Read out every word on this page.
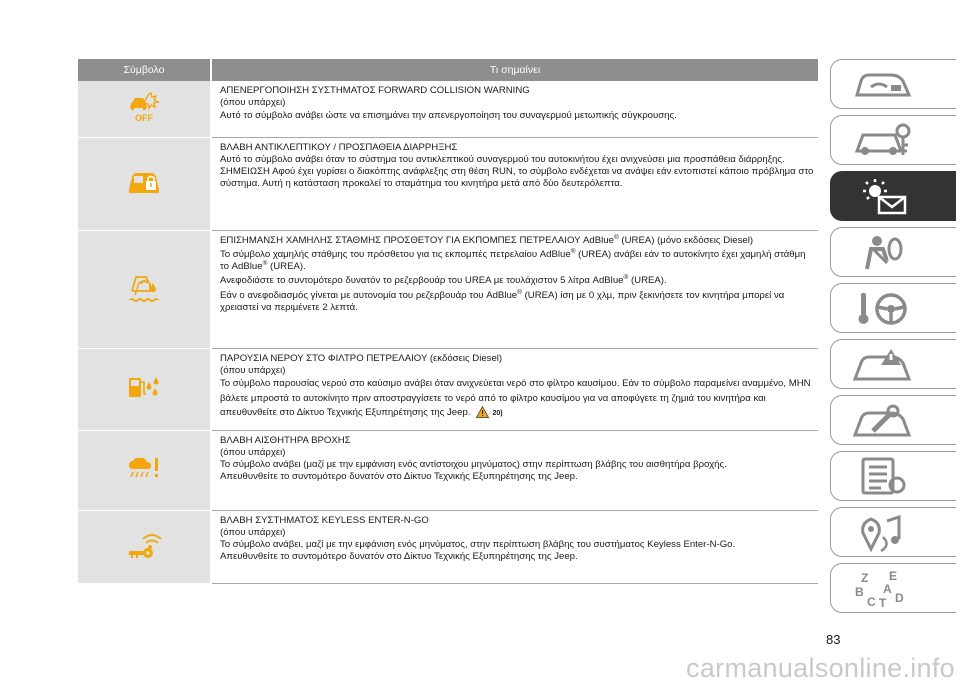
Σύμβολο	Τι σημαίνει

OFF	ΑΠΕΝΕΡΓΟΠΟΙΗΣΗ ΣΥΣΤΗΜΑΤΟΣ FORWARD COLLISION WARNING
(όπου υπάρχει)
Αυτό το σύμβολο ανάβει ώστε να επισημάνει την απενεργοποίηση του συναγερμού μετωπικής σύγκρουσης.

ΒΛΑΒΗ ΑΝΤΙΚΛΕΠΤΙΚΟΥ / ΠΡΟΣΠΑΘΕΙΑ ΔΙΑΡΡΗΞΗΣ
Αυτό το σύμβολο ανάβει όταν το σύστημα του αντικλεπτικού συναγερμού του αυτοκινήτου έχει ανιχνεύσει μια προσπάθεια διάρρηξης.
ΣΗΜΕΙΩΣΗ Αφού έχει γυρίσει ο διακόπτης ανάφλεξης στη θέση RUN, το σύμβολο ενδέχεται να ανάψει εάν εντοπιστεί κάποιο πρόβλημα στο σύστημα. Αυτή η κατάσταση προκαλεί το σταμάτημα του κινητήρα μετά από δύο δευτερόλεπτα.

ΕΠΙΣΗΜΑΝΣΗ ΧΑΜΗΛΗΣ ΣΤΑΘΜΗΣ ΠΡΟΣΘΕΤΟΥ ΓΙΑ ΕΚΠΟΜΠΕΣ ΠΕΤΡΕΛΑΙΟΥ AdBlue® (UREA) (μόνο εκδόσεις Diesel)
Το σύμβολο χαμηλής στάθμης του πρόσθετου για τις εκπομπές πετρελαίου AdBlue® (UREA) ανάβει εάν το αυτοκίνητο έχει χαμηλή στάθμη το AdBlue® (UREA).
Ανεφοδιάστε το συντομότερο δυνατόν το ρεζερβουάρ του UREA με τουλάχιστον 5 λίτρα AdBlue® (UREA).
Εάν ο ανεφοδιασμός γίνεται με αυτονομία του ρεζερβουάρ του AdBlue® (UREA) ίση με 0 χλμ, πριν ξεκινήσετε τον κινητήρα μπορεί να χρειαστεί να περιμένετε 2 λεπτά.

ΠΑΡΟΥΣΙΑ ΝΕΡΟΥ ΣΤΟ ΦΙΛΤΡΟ ΠΕΤΡΕΛΑΙΟΥ (εκδόσεις Diesel)
(όπου υπάρχει)
Το σύμβολο παρουσίας νερού στο καύσιμο ανάβει όταν ανιχνεύεται νερό στο φίλτρο καυσίμου. Εάν το σύμβολο παραμείνει αναμμένο, ΜΗΝ βάλετε μπροστά το αυτοκίνητο πριν αποστραγγίσετε το νερό από το φίλτρο καυσίμου για να αποφύγετε τη ζημιά του κινητήρα και απευθυνθείτε στο Δίκτυο Τεχνικής Εξυπηρέτησης της Jeep. 20)

ΒΛΑΒΗ ΑΙΣΘΗΤΗΡΑ ΒΡΟΧΗΣ
(όπου υπάρχει)
Το σύμβολο ανάβει (μαζί με την εμφάνιση ενός αντίστοιχου μηνύματος) στην περίπτωση βλάβης του αισθητήρα βροχής.
Απευθυνθείτε το συντομότερο δυνατόν στο Δίκτυο Τεχνικής Εξυπηρέτησης της Jeep.

ΒΛΑΒΗ ΣΥΣΤΗΜΑΤΟΣ KEYLESS ENTER-N-GO
(όπου υπάρχει)
Το σύμβολο ανάβει, μαζί με την εμφάνιση ενός μηνύματος, στην περίπτωση βλάβης του συστήματος Keyless Enter-N-Go.
Απευθυνθείτε το συντομότερο δυνατόν στο Δίκτυο Τεχνικής Εξυπηρέτησης της Jeep.
Z E
B A
C D
T
83
carmanualsonline.info
